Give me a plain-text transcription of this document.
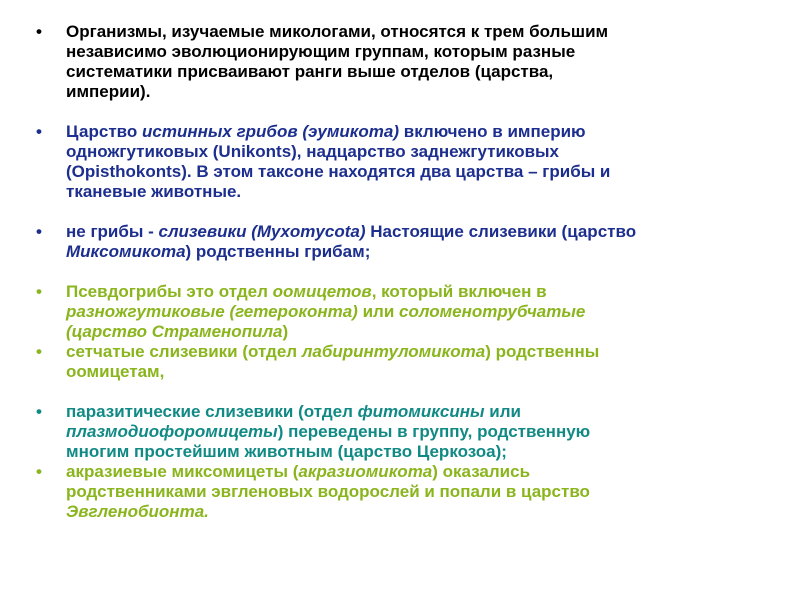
•	Организмы, изучаемые микологами, относятся к трем большим
независимо эволюционирующим группам, которым разные
систематики присваивают ранги выше отделов (царства,
империи).
•	Царство истинных грибов (эумикота) включено в империю
одножгутиковых (Unikonts), надцарство заднежгутиковых
(Opisthokonts). В этом таксоне находятся два царства – грибы и
тканевые животные.
•	не грибы - слизевики (Myxomycota) Настоящие слизевики (царство
Миксомикота) родственны грибам;
•	Псевдогрибы это отдел оомицетов, который включен в
разножгутиковые (гетероконта) или соломенотрубчатые
(царство Страменопила)
•	сетчатые слизевики (отдел лабиринтуломикота) родственны
оомицетам,
•	паразитические слизевики (отдел фитомиксины или
плазмодиофоромицеты) переведены в группу, родственную
многим простейшим животным (царство Церкозоа);
•	акразиевые миксомицеты (акразиомикота) оказались
родственниками эвгленовых водорослей и попали в царство
Эвгленобионта.
